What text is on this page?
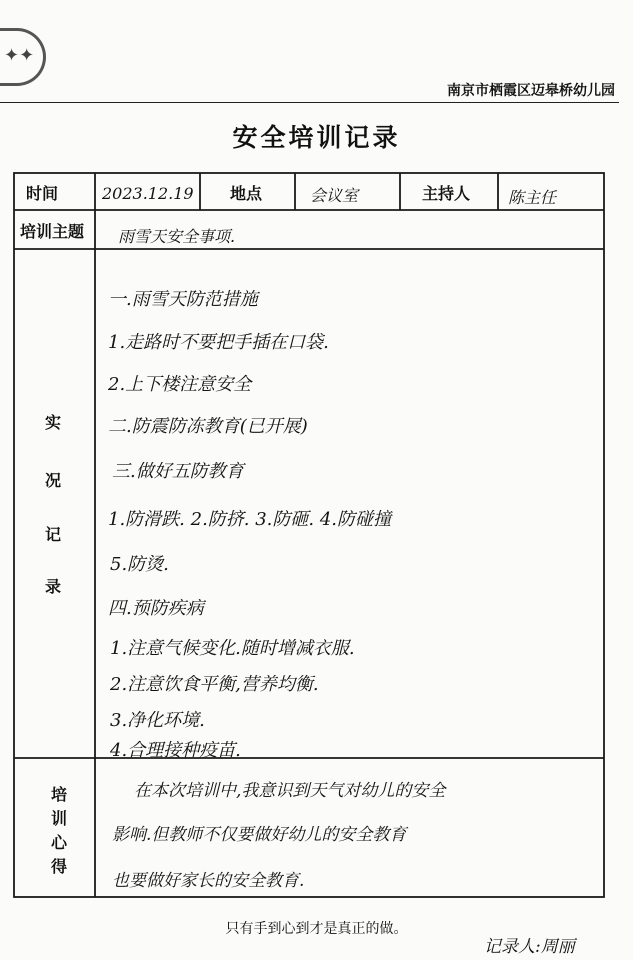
✦✦
南京市栖霞区迈皋桥幼儿园
安全培训记录
时间	2023.12.19 地点	会议室	主持人 陈主任
培训主题 雨雪天安全事项.
实
况
记
录
一.雨雪天防范措施
1.走路时不要把手插在口袋.
2.上下楼注意安全
二.防震防冻教育(已开展)
三.做好五防教育
1.防滑跌. 2.防挤. 3.防砸. 4.防碰撞
5.防烫.
四.预防疾病
1.注意气候变化.随时增减衣服.
2.注意饮食平衡,营养均衡.
3.净化环境.
4.合理接种疫苗.
培
训
心
得
在本次培训中,我意识到天气对幼儿的安全
影响.但教师不仅要做好幼儿的安全教育
也要做好家长的安全教育.
只有手到心到才是真正的做。
记录人:周丽
